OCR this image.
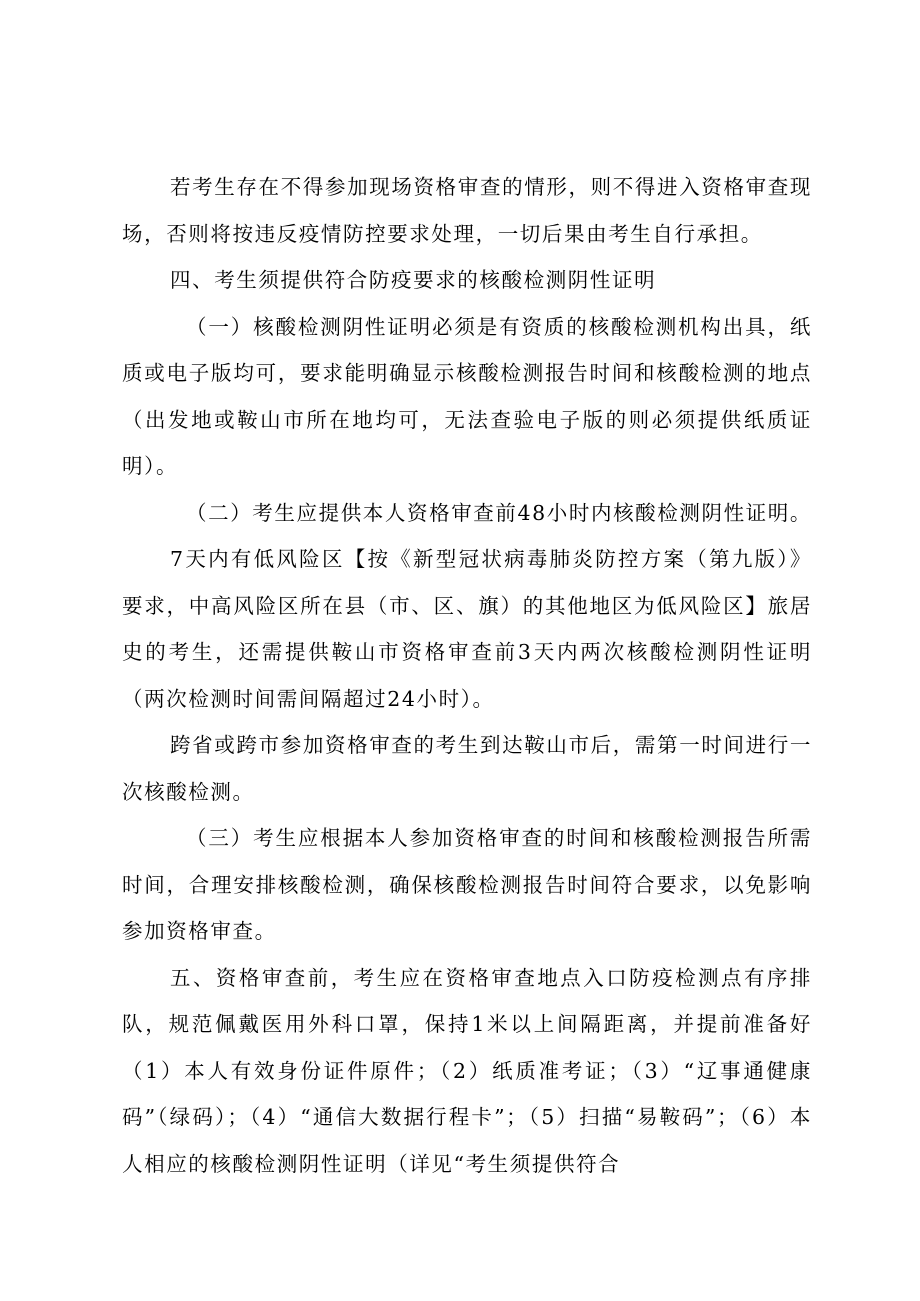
若考生存在不得参加现场资格审查的情形，则不得进入资格审查现场，否则将按违反疫情防控要求处理，一切后果由考生自行承担。

四、考生须提供符合防疫要求的核酸检测阴性证明

（一）核酸检测阴性证明必须是有资质的核酸检测机构出具，纸质或电子版均可，要求能明确显示核酸检测报告时间和核酸检测的地点（出发地或鞍山市所在地均可，无法查验电子版的则必须提供纸质证明）。

（二）考生应提供本人资格审查前48小时内核酸检测阴性证明。

7天内有低风险区【按《新型冠状病毒肺炎防控方案（第九版）》要求，中高风险区所在县（市、区、旗）的其他地区为低风险区】旅居史的考生，还需提供鞍山市资格审查前3天内两次核酸检测阴性证明（两次检测时间需间隔超过24小时）。

跨省或跨市参加资格审查的考生到达鞍山市后，需第一时间进行一次核酸检测。

（三）考生应根据本人参加资格审查的时间和核酸检测报告所需时间，合理安排核酸检测，确保核酸检测报告时间符合要求，以免影响参加资格审查。

五、资格审查前，考生应在资格审查地点入口防疫检测点有序排队，规范佩戴医用外科口罩，保持1米以上间隔距离，并提前准备好（1）本人有效身份证件原件；（2）纸质准考证；（3）“辽事通健康码”（绿码）；（4）“通信大数据行程卡”；（5）扫描“易鞍码”；（6）本人相应的核酸检测阴性证明（详见“考生须提供符合
